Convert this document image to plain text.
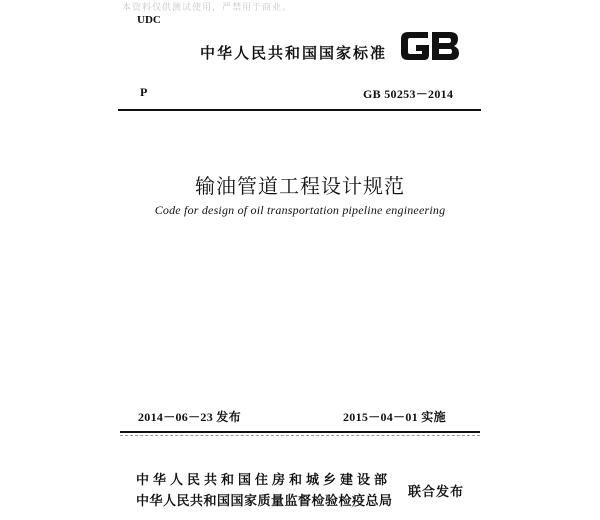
本资料仅供测试使用，严禁用于商业。
UDC
中华人民共和国国家标准
P	GB 50253－2014
输油管道工程设计规范
Code for design of oil transportation pipeline engineering
2014－06－23 发布	2015－04－01 实施
中华人民共和国住房和城乡建设部
中华人民共和国国家质量监督检验检疫总局
联合发布
